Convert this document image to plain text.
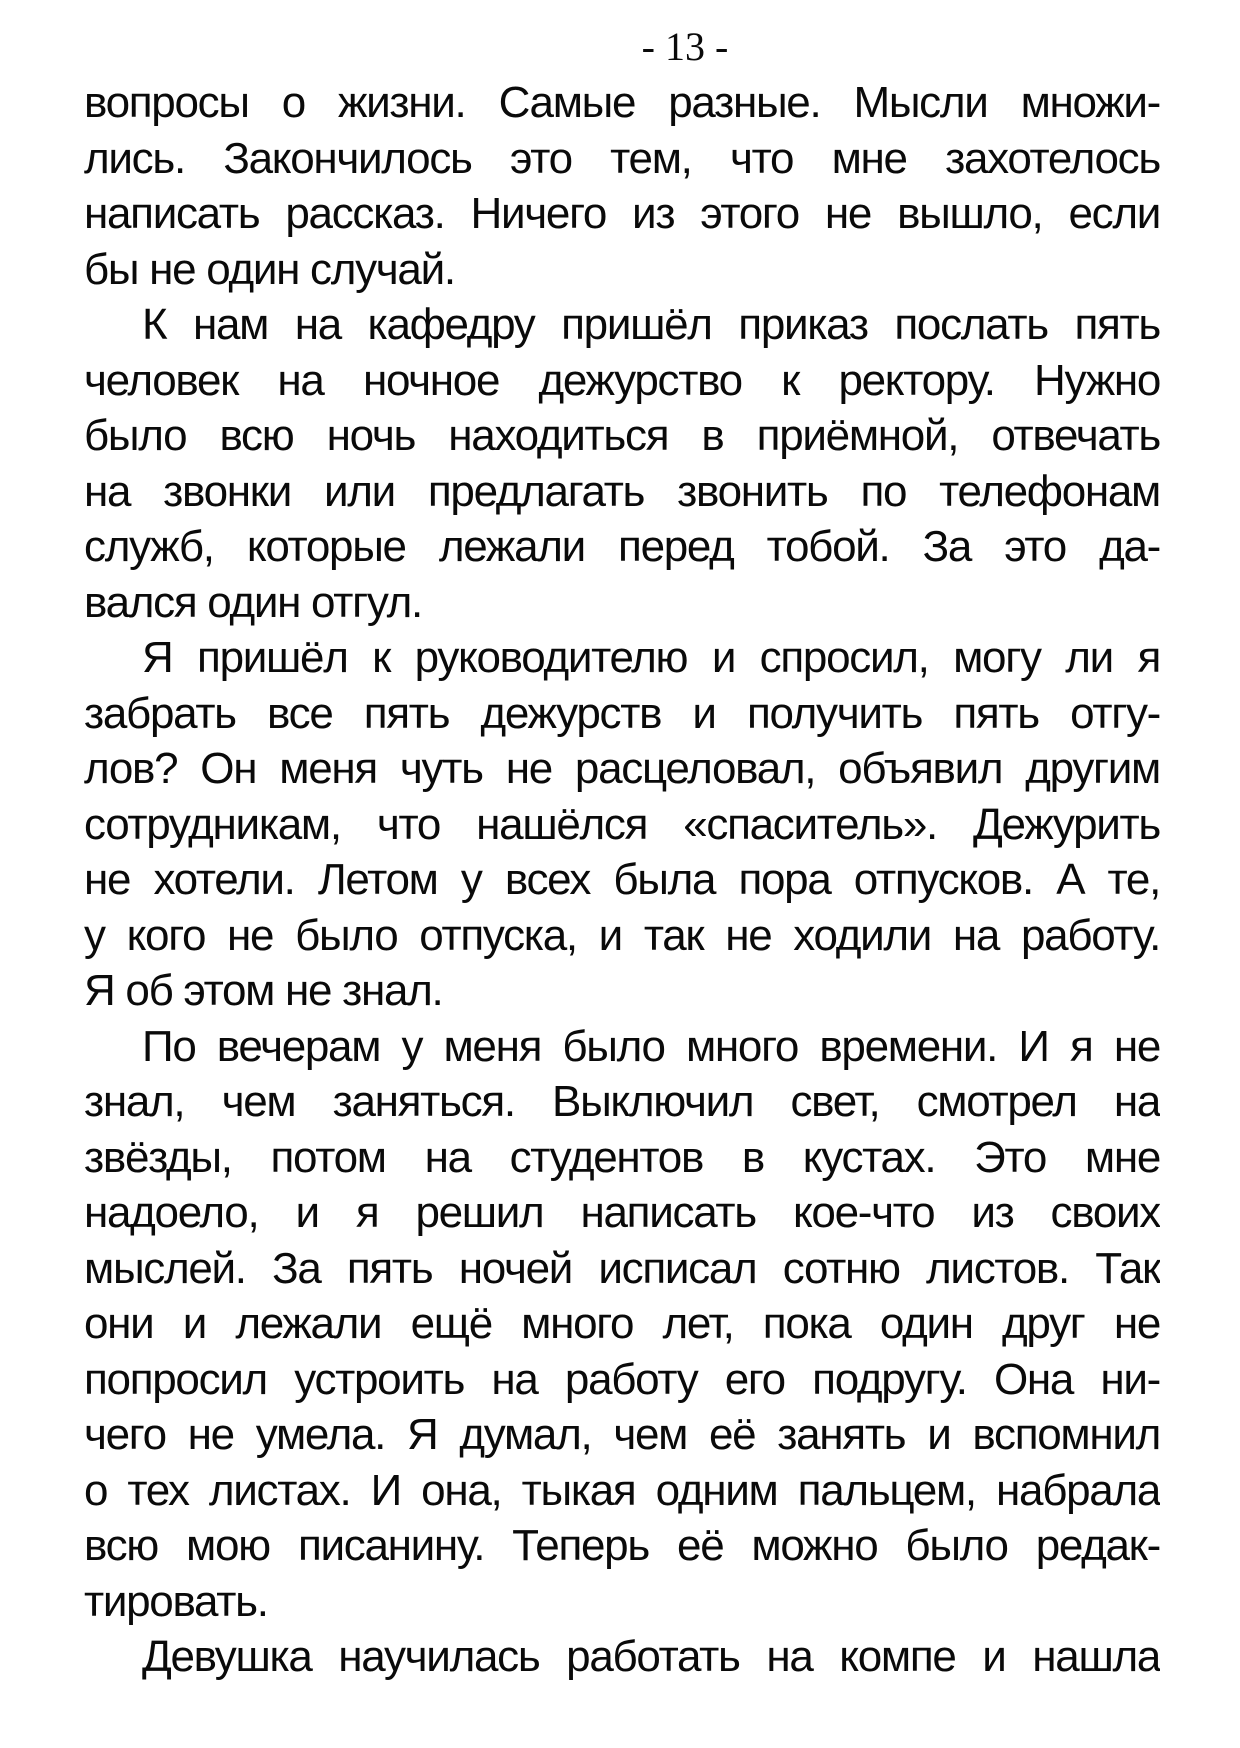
- 13 -
вопросы о жизни. Самые разные. Мысли множи-
лись. Закончилось это тем, что мне захотелось
написать рассказ. Ничего из этого не вышло, если
бы не один случай.
К нам на кафедру пришёл приказ послать пять
человек на ночное дежурство к ректору. Нужно
было всю ночь находиться в приёмной, отвечать
на звонки или предлагать звонить по телефонам
служб, которые лежали перед тобой. За это да-
вался один отгул.
Я пришёл к руководителю и спросил, могу ли я
забрать все пять дежурств и получить пять отгу-
лов? Он меня чуть не расцеловал, объявил другим
сотрудникам, что нашёлся «спаситель». Дежурить
не хотели. Летом у всех была пора отпусков. А те,
у кого не было отпуска, и так не ходили на работу.
Я об этом не знал.
По вечерам у меня было много времени. И я не
знал, чем заняться. Выключил свет, смотрел на
звёзды, потом на студентов в кустах. Это мне
надоело, и я решил написать кое-что из своих
мыслей. За пять ночей исписал сотню листов. Так
они и лежали ещё много лет, пока один друг не
попросил устроить на работу его подругу. Она ни-
чего не умела. Я думал, чем её занять и вспомнил
о тех листах. И она, тыкая одним пальцем, набрала
всю мою писанину. Теперь её можно было редак-
тировать.
Девушка научилась работать на компе и нашла
